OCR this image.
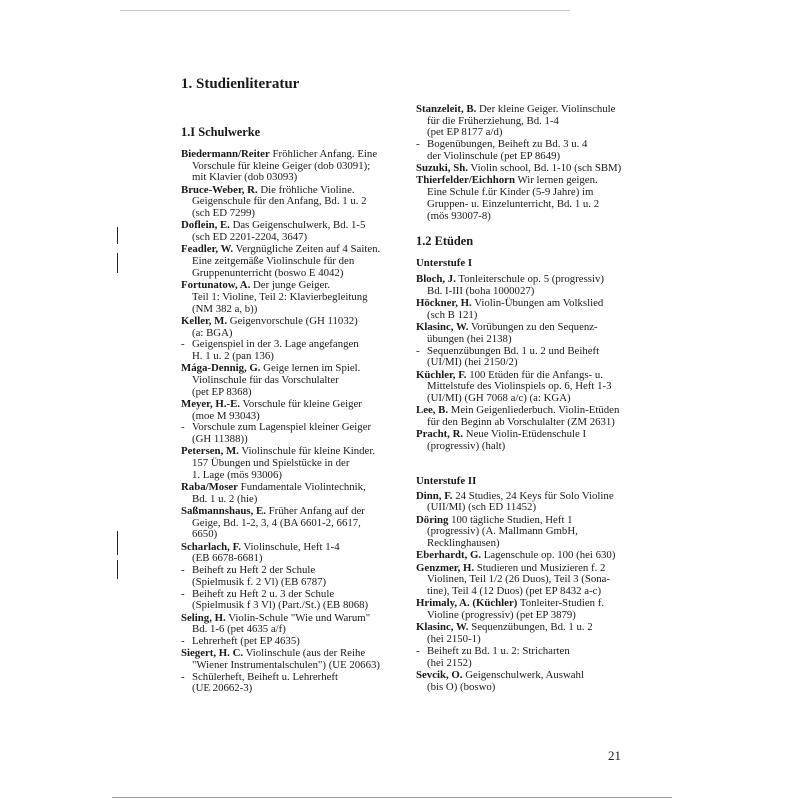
1. Studienliteratur
1.I Schulwerke
Biedermann/Reiter Fröhlicher Anfang. Eine
Vorschule für kleine Geiger (dob 03091);
mit Klavier (dob 03093)
Bruce-Weber, R. Die fröhliche Violine.
Geigenschule für den Anfang, Bd. 1 u. 2
(sch ED 7299)
Doflein, E. Das Geigenschulwerk, Bd. 1-5
(sch ED 2201-2204, 3647)
Feadler, W. Vergnügliche Zeiten auf 4 Saiten.
Eine zeitgemäße Violinschule für den
Gruppenunterricht (boswo E 4042)
Fortunatow, A. Der junge Geiger.
Teil 1: Violine, Teil 2: Klavierbegleitung
(NM 382 a, b))
Keller, M. Geigenvorschule (GH 11032)
(a: BGA)
- Geigenspiel in der 3. Lage angefangen
H. 1 u. 2 (pan 136)
Mága-Dennig, G. Geige lernen im Spiel.
Violinschule für das Vorschulalter
(pet EP 8368)
Meyer, H.-E. Vorschule für kleine Geiger
(moe M 93043)
- Vorschule zum Lagenspiel kleiner Geiger
(GH 11388))
Petersen, M. Violinschule für kleine Kinder.
157 Übungen und Spielstücke in der
1. Lage (mös 93006)
Raba/Moser Fundamentale Violintechnik,
Bd. 1 u. 2 (hie)
Saßmannshaus, E. Früher Anfang auf der
Geige, Bd. 1-2, 3, 4 (BA 6601-2, 6617,
6650)
Scharlach, F. Violinschule, Heft 1-4
(EB 6678-6681)
- Beiheft zu Heft 2 der Schule
(Spielmusik f. 2 Vl) (EB 6787)
- Beiheft zu Heft 2 u. 3 der Schule
(Spielmusik f 3 Vl) (Part./St.) (EB 8068)
Seling, H. Violin-Schule "Wie und Warum"
Bd. 1-6 (pet 4635 a/f)
- Lehrerheft (pet EP 4635)
Siegert, H. C. Violinschule (aus der Reihe
"Wiener Instrumentalschulen") (UE 20663)
- Schülerheft, Beiheft u. Lehrerheft
(UE 20662-3)
Stanzeleit, B. Der kleine Geiger. Violinschule
für die Früherziehung, Bd. 1-4
(pet EP 8177 a/d)
- Bogenübungen, Beiheft zu Bd. 3 u. 4
der Violinschule (pet EP 8649)
Suzuki, Sh. Violin school, Bd. 1-10 (sch SBM)
Thierfelder/Eichhorn Wir lernen geigen.
Eine Schule f.ür Kinder (5-9 Jahre) im
Gruppen- u. Einzelunterricht, Bd. 1 u. 2
(mös 93007-8)
1.2 Etüden
Unterstufe I
Bloch, J. Tonleiterschule op. 5 (progressiv)
Bd. I-III (boha 1000027)
Höckner, H. Violin-Übungen am Volkslied
(sch B 121)
Klasinc, W. Vorübungen zu den Sequenz-
übungen (hei 2138)
- Sequenzübungen Bd. 1 u. 2 und Beiheft
(UI/MI) (hei 2150/2)
Küchler, F. 100 Etüden für die Anfangs- u.
Mittelstufe des Violinspiels op. 6, Heft 1-3
(UI/MI) (GH 7068 a/c) (a: KGA)
Lee, B. Mein Geigenliederbuch. Violin-Etüden
für den Beginn ab Vorschulalter (ZM 2631)
Pracht, R. Neue Violin-Etüdenschule I
(progressiv) (halt)
Unterstufe II
Dinn, F. 24 Studies, 24 Keys für Solo Violine
(UII/MI) (sch ED 11452)
Döring 100 tägliche Studien, Heft 1
(progressiv) (A. Mallmann GmbH,
Recklinghausen)
Eberhardt, G. Lagenschule op. 100 (hei 630)
Genzmer, H. Studieren und Musizieren f. 2
Violinen, Teil 1/2 (26 Duos), Teil 3 (Sona-
tine), Teil 4 (12 Duos) (pet EP 8432 a-c)
Hrimaly, A. (Küchler) Tonleiter-Studien f.
Violine (progressiv) (pet EP 3879)
Klasinc, W. Sequenzübungen, Bd. 1 u. 2
(hei 2150-1)
- Beiheft zu Bd. 1 u. 2: Stricharten
(hei 2152)
Sevcik, O. Geigenschulwerk, Auswahl
(bis O) (boswo)
21
